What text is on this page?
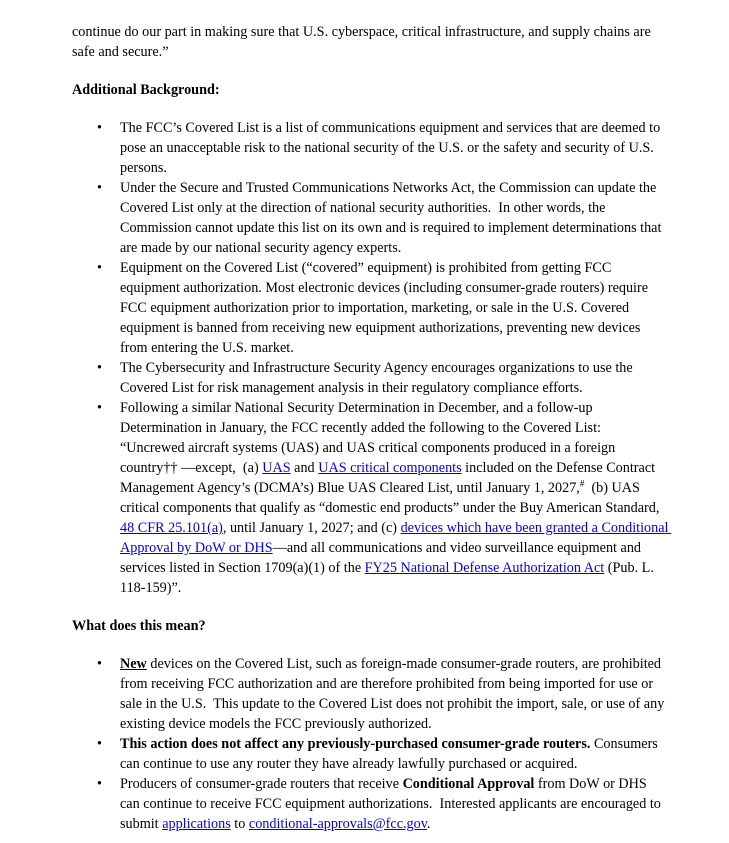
continue do our part in making sure that U.S. cyberspace, critical infrastructure, and supply chains are safe and secure.”
Additional Background:
• The FCC’s Covered List is a list of communications equipment and services that are deemed to pose an unacceptable risk to the national security of the U.S. or the safety and security of U.S. persons.
• Under the Secure and Trusted Communications Networks Act, the Commission can update the Covered List only at the direction of national security authorities.  In other words, the Commission cannot update this list on its own and is required to implement determinations that are made by our national security agency experts.
• Equipment on the Covered List (“covered” equipment) is prohibited from getting FCC equipment authorization. Most electronic devices (including consumer-grade routers) require FCC equipment authorization prior to importation, marketing, or sale in the U.S. Covered equipment is banned from receiving new equipment authorizations, preventing new devices from entering the U.S. market.
• The Cybersecurity and Infrastructure Security Agency encourages organizations to use the Covered List for risk management analysis in their regulatory compliance efforts.
• Following a similar National Security Determination in December, and a follow-up Determination in January, the FCC recently added the following to the Covered List: “Uncrewed aircraft systems (UAS) and UAS critical components produced in a foreign country†† —except,  (a) UAS and UAS critical components included on the Defense Contract Management Agency’s (DCMA’s) Blue UAS Cleared List, until January 1, 2027,#  (b) UAS critical components that qualify as “domestic end products” under the Buy American Standard, 48 CFR 25.101(a), until January 1, 2027; and (c) devices which have been granted a Conditional Approval by DoW or DHS—and all communications and video surveillance equipment and services listed in Section 1709(a)(1) of the FY25 National Defense Authorization Act (Pub. L. 118-159)”.
What does this mean?
• New devices on the Covered List, such as foreign-made consumer-grade routers, are prohibited from receiving FCC authorization and are therefore prohibited from being imported for use or sale in the U.S.  This update to the Covered List does not prohibit the import, sale, or use of any existing device models the FCC previously authorized.
• This action does not affect any previously-purchased consumer-grade routers. Consumers can continue to use any router they have already lawfully purchased or acquired.
• Producers of consumer-grade routers that receive Conditional Approval from DoW or DHS can continue to receive FCC equipment authorizations.  Interested applicants are encouraged to submit applications to conditional-approvals@fcc.gov.
